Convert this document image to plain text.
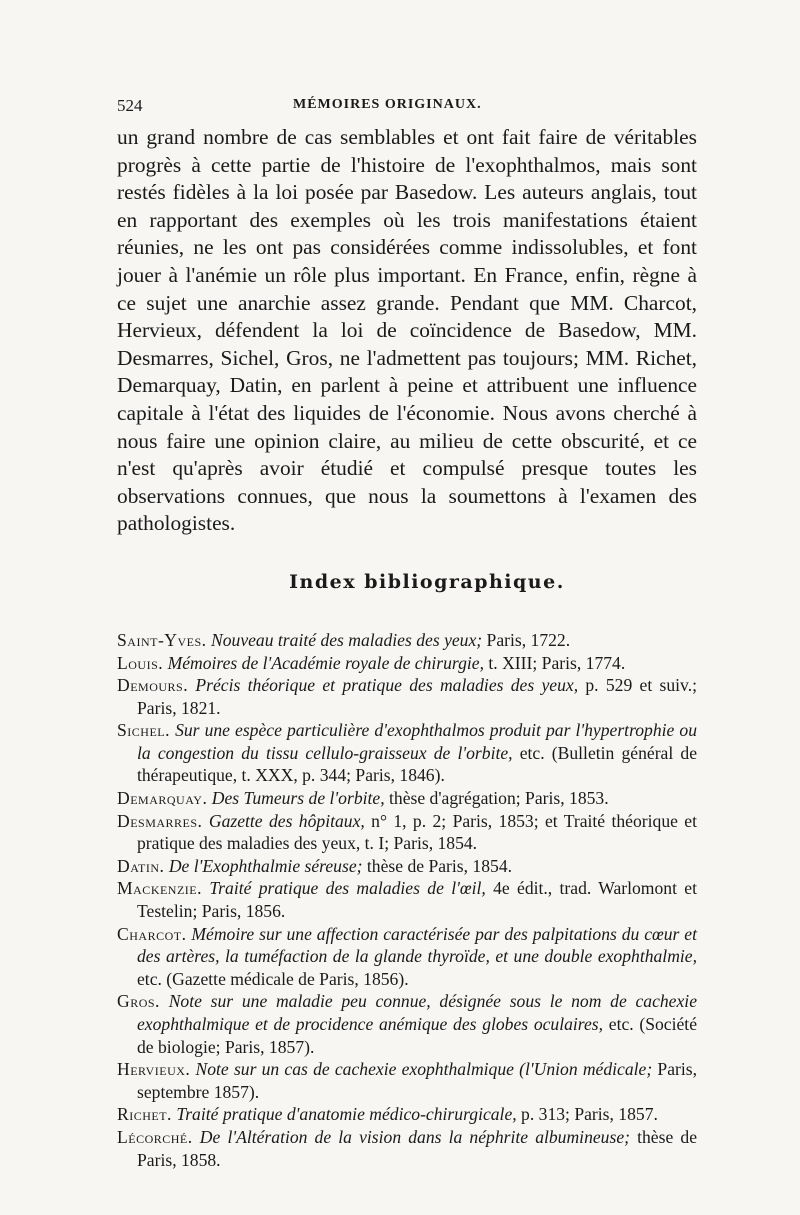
524	MÉMOIRES ORIGINAUX.

un grand nombre de cas semblables et ont fait faire de véritables progrès à cette partie de l'histoire de l'exophthalmos, mais sont restés fidèles à la loi posée par Basedow. Les auteurs anglais, tout en rapportant des exemples où les trois manifestations étaient réunies, ne les ont pas considérées comme indissolubles, et font jouer à l'anémie un rôle plus important. En France, enfin, règne à ce sujet une anarchie assez grande. Pendant que MM. Charcot, Hervieux, défendent la loi de coïncidence de Basedow, MM. Desmarres, Sichel, Gros, ne l'admettent pas toujours; MM. Richet, Demarquay, Datin, en parlent à peine et attribuent une influence capitale à l'état des liquides de l'économie. Nous avons cherché à nous faire une opinion claire, au milieu de cette obscurité, et ce n'est qu'après avoir étudié et compulsé presque toutes les observations connues, que nous la soumettons à l'examen des pathologistes.

Index bibliographique.

Saint-Yves. Nouveau traité des maladies des yeux; Paris, 1722.

Louis. Mémoires de l'Académie royale de chirurgie, t. XIII; Paris, 1774.

Demours. Précis théorique et pratique des maladies des yeux, p. 529 et suiv.; Paris, 1821.

Sichel. Sur une espèce particulière d'exophthalmos produit par l'hypertrophie ou la congestion du tissu cellulo-graisseux de l'orbite, etc. (Bulletin général de thérapeutique, t. XXX, p. 344; Paris, 1846).

Demarquay. Des Tumeurs de l'orbite, thèse d'agrégation; Paris, 1853.

Desmarres. Gazette des hôpitaux, n° 1, p. 2; Paris, 1853; et Traité théorique et pratique des maladies des yeux, t. I; Paris, 1854.

Datin. De l'Exophthalmie séreuse; thèse de Paris, 1854.

Mackenzie. Traité pratique des maladies de l'œil, 4e édit., trad. Warlomont et Testelin; Paris, 1856.

Charcot. Mémoire sur une affection caractérisée par des palpitations du cœur et des artères, la tuméfaction de la glande thyroïde, et une double exophthalmie, etc. (Gazette médicale de Paris, 1856).

Gros. Note sur une maladie peu connue, désignée sous le nom de cachexie exophthalmique et de procidence anémique des globes oculaires, etc. (Société de biologie; Paris, 1857).

Hervieux. Note sur un cas de cachexie exophthalmique (l'Union médicale; Paris, septembre 1857).

Richet. Traité pratique d'anatomie médico-chirurgicale, p. 313; Paris, 1857.

Lécorché. De l'Altération de la vision dans la néphrite albumineuse; thèse de Paris, 1858.
